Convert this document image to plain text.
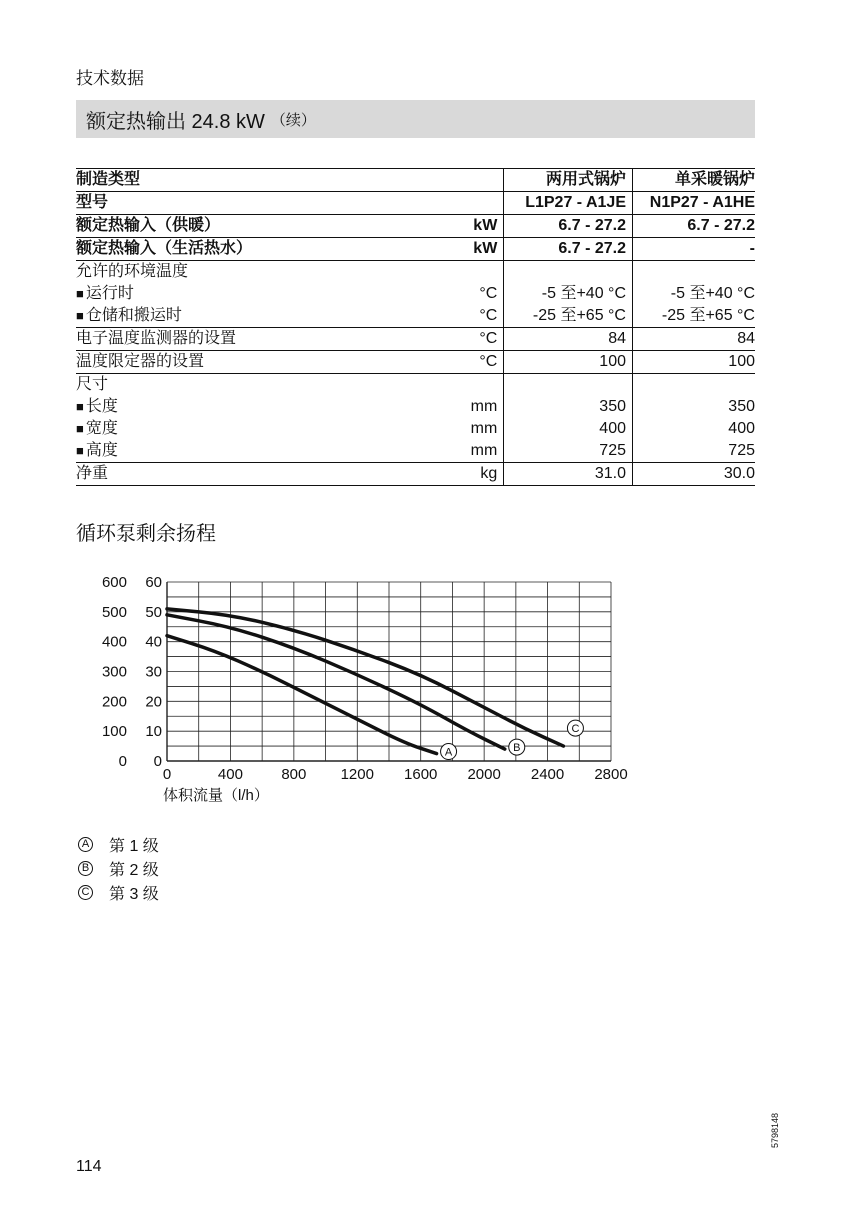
技术数据
额定热输出 24.8 kW （续）
制造类型		两用式锅炉	单采暖锅炉
型号		L1P27 - A1JE	N1P27 - A1HE
额定热输入（供暖）	kW	6.7 - 27.2	6.7 - 27.2
额定热输入（生活热水）	kW	6.7 - 27.2	-
允许的环境温度			
■ 运行时	°C	-5 至+40 °C	-5 至+40 °C
■ 仓储和搬运时	°C	-25 至+65 °C	-25 至+65 °C
电子温度监测器的设置	°C	84	84
温度限定器的设置	°C	100	100
尺寸			
■ 长度	mm	350	350
■ 宽度	mm	400	400
■ 高度	mm	725	725
净重	kg	31.0	30.0
循环泵剩余扬程
A	B
C
0	400	800 1200 1600 2000 2400 2800
0
100
200
300
400
500
600
0
10
20
30
40
50
60
体积流量（l/h）
A 第 1 级
B 第 2 级
C 第 3 级
5798148
114
